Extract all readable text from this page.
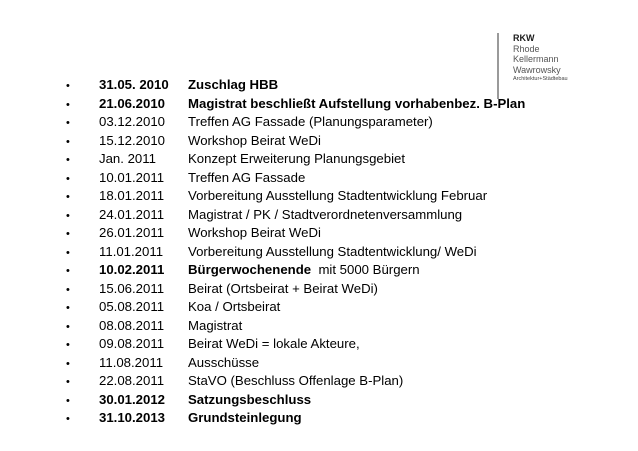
RKW
Rhode
Kellermann
Wawrowsky
Architektur+Städtebau
•	31.05. 2010	Zuschlag HBB
•	21.06.2010	Magistrat beschließt Aufstellung vorhabenbez. B-Plan
•	03.12.2010	Treffen AG Fassade (Planungsparameter)
•	15.12.2010	Workshop Beirat WeDi
•	Jan. 2011	Konzept Erweiterung Planungsgebiet
•	10.01.2011	Treffen AG Fassade
•	18.01.2011	Vorbereitung Ausstellung Stadtentwicklung Februar
•	24.01.2011	Magistrat / PK / Stadtverordnetenversammlung
•	26.01.2011	Workshop Beirat WeDi
•	11.01.2011	Vorbereitung Ausstellung Stadtentwicklung/ WeDi
•	10.02.2011	Bürgerwochenende mit 5000 Bürgern
•	15.06.2011	Beirat (Ortsbeirat + Beirat WeDi)
•	05.08.2011	Koa / Ortsbeirat
•	08.08.2011	Magistrat
•	09.08.2011	Beirat WeDi = lokale Akteure,
•	11.08.2011	Ausschüsse
•	22.08.2011	StaVO (Beschluss Offenlage B-Plan)
•	30.01.2012	Satzungsbeschluss
•	31.10.2013	Grundsteinlegung
